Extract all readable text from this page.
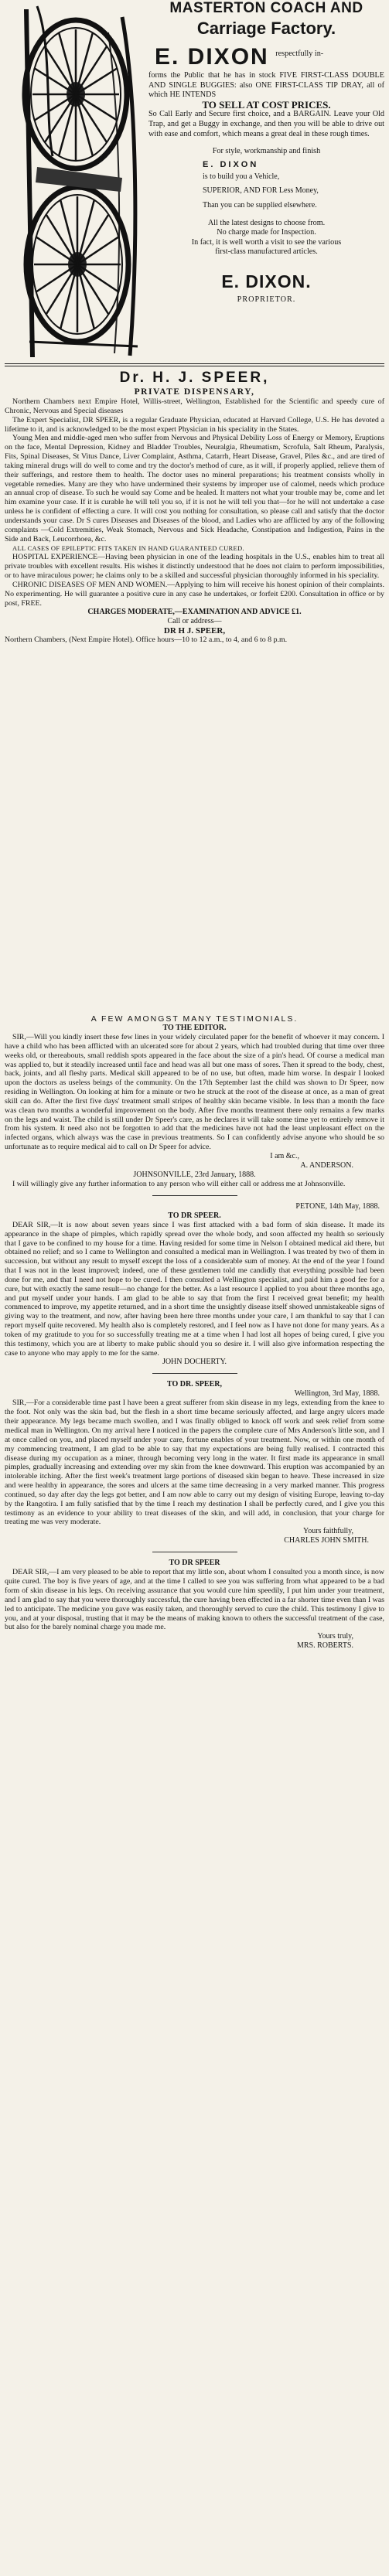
MASTERTON COACH AND
Carriage Factory.
E. DIXON respectfully in-
forms the Public that he has in stock FIVE FIRST-CLASS DOUBLE AND SINGLE BUGGIES: also ONE FIRST-CLASS TIP DRAY, all of which HE INTENDS
TO SELL AT COST PRICES.
So Call Early and Secure first choice, and a BARGAIN. Leave your Old Trap, and get a Buggy in exchange, and then you will be able to drive out with ease and comfort, which means a great deal in these rough times.
For style, workmanship and finish
E. DIXON
is to build you a Vehicle,
SUPERIOR, AND FOR Less Money,
Than you can be supplied elsewhere.
All the latest designs to choose from.
No charge made for Inspection.
In fact, it is well worth a visit to see the various first-class manufactured articles.
E. DIXON.
PROPRIETOR.
Dr. H. J. SPEER,
PRIVATE DISPENSARY,

Northern Chambers next Empire Hotel, Willis-street, Wellington, Established for the Scientific and speedy cure of Chronic, Nervous and Special diseases

The Expert Specialist, DR SPEER, is a regular Graduate Physician, educated at Harvard College, U.S. He has devoted a lifetime to it, and is acknowledged to be the most expert Physician in his speciality in the States.

Young Men and middle-aged men who suffer from Nervous and Physical Debility Loss of Energy or Memory, Eruptions on the face, Mental Depression, Kidney and Bladder Troubles, Neuralgia, Rheumatism, Scrofula, Salt Rheum, Paralysis, Fits, Spinal Diseases, St Vitus Dance, Liver Complaint, Asthma, Catarrh, Heart Disease, Gravel, Piles &c., and are tired of taking mineral drugs will do well to come and try the doctor's method of cure, as it will, if properly applied, relieve them of their sufferings, and restore them to health. The doctor uses no mineral preparations; his treatment consists wholly in vegetable remedies. Many are they who have undermined their systems by improper use of calomel, needs which produce an annual crop of disease. To such he would say Come and be healed. It matters not what your trouble may be, come and let him examine your case. If it is curable he will tell you so, if it is not he will tell you that—for he will not undertake a case unless he is confident of effecting a cure. It will cost you nothing for consultation, so please call and satisfy that the doctor understands your case. Dr S cures Diseases and Diseases of the blood, and Ladies who are afflicted by any of the following complaints —Cold Extremities, Weak Stomach, Nervous and Sick Headache, Constipation and Indigestion, Pains in the Side and Back, Leucorrhoea, &c.

ALL CASES OF EPILEPTIC FITS TAKEN IN HAND GUARANTEED CURED.

HOSPITAL EXPERIENCE—Having been physician in one of the leading hospitals in the U.S., enables him to treat all private troubles with excellent results. His wishes it distinctly understood that he does not claim to perform impossibilities, or to have miraculous power; he claims only to be a skilled and successful physician thoroughly informed in his speciality.

CHRONIC DISEASES OF MEN AND WOMEN.—Applying to him will receive his honest opinion of their complaints. No experimenting. He will guarantee a positive cure in any case he undertakes, or forfeit £200. Consultation in office or by post, FREE.

CHARGES MODERATE,—EXAMINATION AND ADVICE £1.
Call or address—
DR H J. SPEER,
Northern Chambers, (Next Empire Hotel). Office hours—10 to 12 a.m., to 4, and 6 to 8 p.m.
A FEW AMONGST MANY TESTIMONIALS.
TO THE EDITOR.
SIR,—Will you kindly insert these few lines in your widely circulated paper for the benefit of whoever it may concern. I have a child who has been afflicted with an ulcerated sore for about 2 years, which had troubled during that time over three weeks old, or thereabouts, small reddish spots appeared in the face about the size of a pin's head. Of course a medical man was applied to, but it steadily increased until face and head was all but one mass of sores. Then it spread to the body, chest, back, joints, and all fleshy parts. Medical skill appeared to be of no use, but often, made him worse. In despair I looked upon the doctors as useless beings of the community. On the 17th September last the child was shown to Dr Speer, now residing in Wellington. On looking at him for a minute or two he struck at the root of the disease at once, as a man of great skill can do. After the first five days' treatment small stripes of healthy skin became visible. In less than a month the face was clean two months a wonderful improvement on the body. After five months treatment there only remains a few marks on the legs and waist. The child is still under Dr Speer's care, as he declares it will take some time yet to entirely remove it from his system. It need also not be forgotten to add that the medicines have not had the least unpleasant effect on the infected organs, which always was the case in previous treatments. So I can confidently advise anyone who should be so unfortunate as to require medical aid to call on Dr Speer for advice.
I am &c.,
A. ANDERSON.
JOHNSONVILLE, 23rd January, 1888.
I will willingly give any further information to any person who will either call or address me at Johnsonville.
PETONE, 14th May, 1888.
TO DR SPEER.
DEAR SIR,—It is now about seven years since I was first attacked with a bad form of skin disease. It made its appearance in the shape of pimples, which rapidly spread over the whole body, and soon affected my health so seriously that I gave to be confined to my house for a time. Having resided for some time in Nelson I obtained medical aid there, but obtained no relief; and so I came to Wellington and consulted a medical man in Wellington. I was treated by two of them in succession, but without any result to myself except the loss of a considerable sum of money. At the end of the year I found that I was not in the least improved; indeed, one of these gentlemen told me candidly that everything possible had been done for me, and that I need not hope to be cured. I then consulted a Wellington specialist, and paid him a good fee for a cure, but with exactly the same result—no change for the better. As a last resource I applied to you about three months ago, and put myself under your hands. I am glad to be able to say that from the first I received great benefit; my health commenced to improve, my appetite returned, and in a short time the unsightly disease itself showed unmistakeable signs of giving way to the treatment, and now, after having been here three months under your care, I am thankful to say that I can report myself quite recovered. My health also is completely restored, and I feel now as I have not done for many years. As a token of my gratitude to you for so successfully treating me at a time when I had lost all hopes of being cured, I give you this testimony, which you are at liberty to make public should you so desire it. I will also give information respecting the case to anyone who may apply to me for the same.
JOHN DOCHERTY.
TO DR. SPEER,
Wellington, 3rd May, 1888.
SIR,—For a considerable time past I have been a great sufferer from skin disease in my legs, extending from the knee to the foot. Not only was the skin bad, but the flesh in a short time became seriously affected, and large angry ulcers made their appearance. My legs became much swollen, and I was finally obliged to knock off work and seek relief from some medical man in Wellington. On my arrival here I noticed in the papers the complete cure of Mrs Anderson's little son, and I at once called on you, and placed myself under your care, fortune enables of your treatment. Now, or within one month of my commencing treatment, I am glad to be able to say that my expectations are being fully realised. I contracted this disease during my occupation as a miner, through becoming very long in the water. It first made its appearance in small pimples, gradually increasing and extending over my skin from the knee downward. This eruption was accompanied by an intolerable itching. After the first week's treatment large portions of diseased skin began to heave. These increased in size and were healthy in appearance, the sores and ulcers at the same time decreasing in a very marked manner. This progress continued, so day after day the legs got better, and I am now able to carry out my design of visiting Europe, leaving to-day by the Rangotira. I am fully satisfied that by the time I reach my destination I shall be perfectly cured, and I give you this testimony as an evidence to your ability to treat diseases of the skin, and will add, in conclusion, that your charge for treating me was very moderate.
Yours faithfully,
CHARLES JOHN SMITH.
TO DR SPEER
DEAR SIR,—I am very pleased to be able to report that my little son, about whom I consulted you a month since, is now quite cured. The boy is five years of age, and at the time I called to see you was suffering from what appeared to be a bad form of skin disease in his legs. On receiving assurance that you would cure him speedily, I put him under your treatment, and I am glad to say that you were thoroughly successful, the cure having been effected in a far shorter time even than I was led to anticipate. The medicine you gave was easily taken, and thoroughly served to cure the child. This testimony I give to you, and at your disposal, trusting that it may be the means of making known to others the successful treatment of the case, but also for the barely nominal charge you made me.
Yours truly,
MRS. ROBERTS.
